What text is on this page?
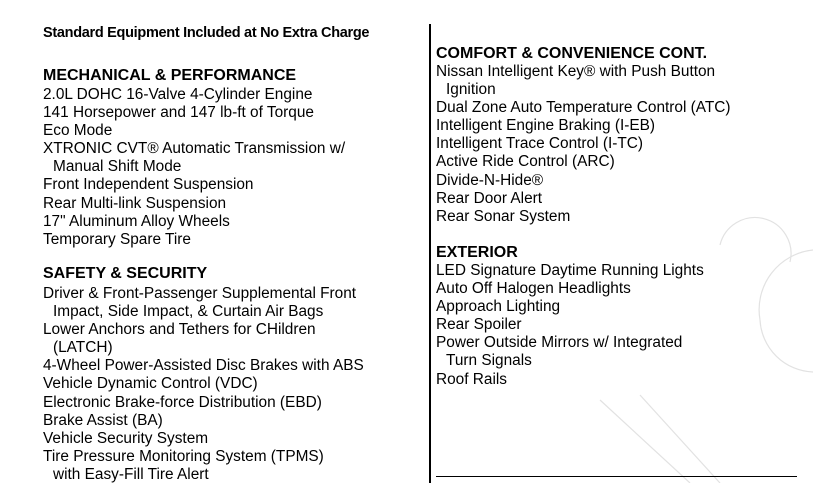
Standard Equipment Included at No Extra Charge
MECHANICAL & PERFORMANCE
2.0L DOHC 16-Valve 4-Cylinder Engine
141 Horsepower and 147 lb-ft of Torque
Eco Mode
XTRONIC CVT® Automatic Transmission w/
Manual Shift Mode
Front Independent Suspension
Rear Multi-link Suspension
17" Aluminum Alloy Wheels
Temporary Spare Tire
SAFETY & SECURITY
Driver & Front-Passenger Supplemental Front
Impact, Side Impact, & Curtain Air Bags
Lower Anchors and Tethers for CHildren
(LATCH)
4-Wheel Power-Assisted Disc Brakes with ABS
Vehicle Dynamic Control (VDC)
Electronic Brake-force Distribution (EBD)
Brake Assist (BA)
Vehicle Security System
Tire Pressure Monitoring System (TPMS)
with Easy-Fill Tire Alert
COMFORT & CONVENIENCE CONT.
Nissan Intelligent Key® with Push Button
Ignition
Dual Zone Auto Temperature Control (ATC)
Intelligent Engine Braking (I-EB)
Intelligent Trace Control (I-TC)
Active Ride Control (ARC)
Divide-N-Hide®
Rear Door Alert
Rear Sonar System
EXTERIOR
LED Signature Daytime Running Lights
Auto Off Halogen Headlights
Approach Lighting
Rear Spoiler
Power Outside Mirrors w/ Integrated
Turn Signals
Roof Rails
